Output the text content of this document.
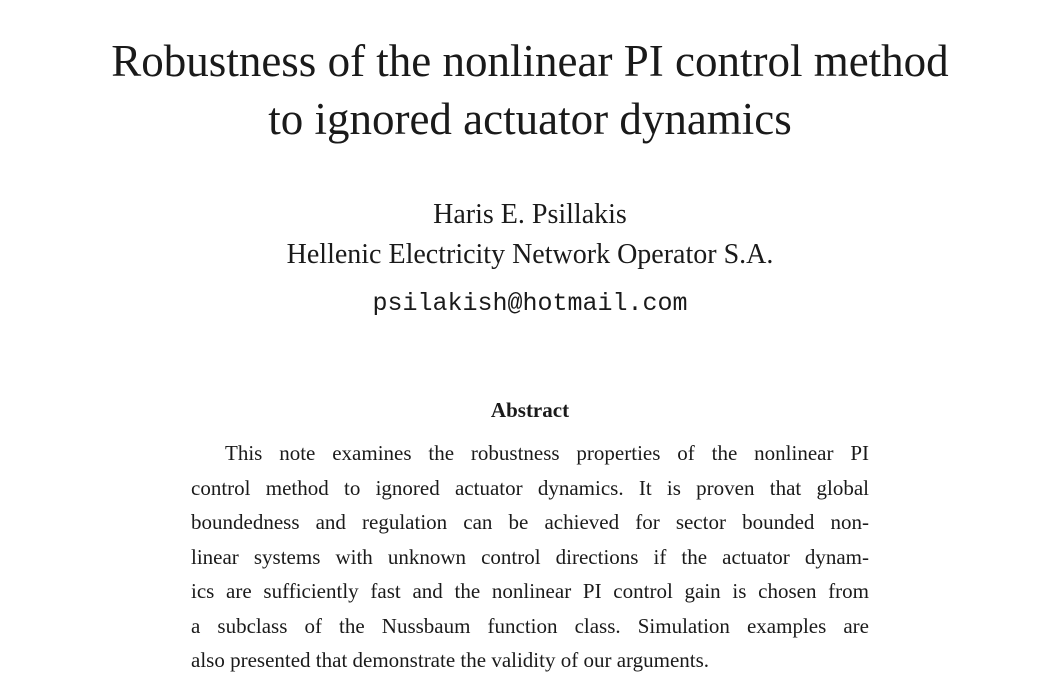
Robustness of the nonlinear PI control method
to ignored actuator dynamics
Haris E. Psillakis
Hellenic Electricity Network Operator S.A.
psilakish@hotmail.com
Abstract
This note examines the robustness properties of the nonlinear PI
control method to ignored actuator dynamics. It is proven that global
boundedness and regulation can be achieved for sector bounded non-
linear systems with unknown control directions if the actuator dynam-
ics are sufficiently fast and the nonlinear PI control gain is chosen from
a subclass of the Nussbaum function class. Simulation examples are
also presented that demonstrate the validity of our arguments.
